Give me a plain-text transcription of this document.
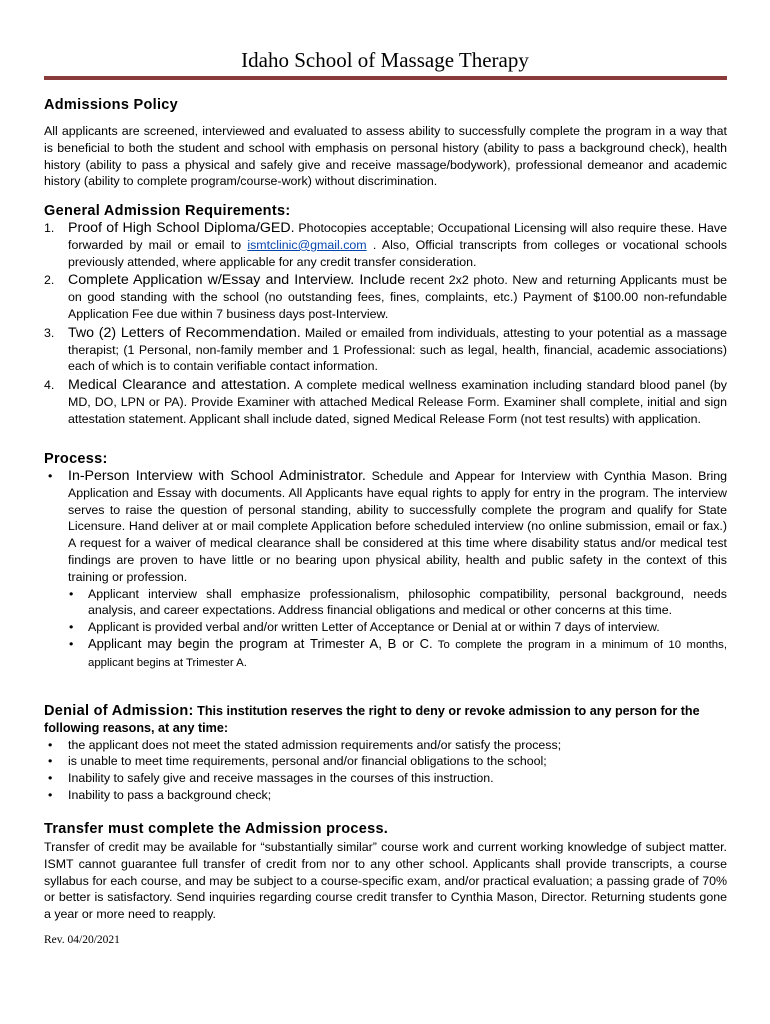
Idaho School of Massage Therapy
Admissions Policy
All applicants are screened, interviewed and evaluated to assess ability to successfully complete the program in a way that is beneficial to both the student and school with emphasis on personal history (ability to pass a background check), health history (ability to pass a physical and safely give and receive massage/bodywork), professional demeanor and academic history (ability to complete program/course-work) without discrimination.
General Admission Requirements:
1. Proof of High School Diploma/GED. Photocopies acceptable; Occupational Licensing will also require these. Have forwarded by mail or email to ismtclinic@gmail.com . Also, Official transcripts from colleges or vocational schools previously attended, where applicable for any credit transfer consideration.
2. Complete Application w/Essay and Interview. Include recent 2x2 photo. New and returning Applicants must be on good standing with the school (no outstanding fees, fines, complaints, etc.) Payment of $100.00 non-refundable Application Fee due within 7 business days post-Interview.
3. Two (2) Letters of Recommendation. Mailed or emailed from individuals, attesting to your potential as a massage therapist; (1 Personal, non-family member and 1 Professional: such as legal, health, financial, academic associations) each of which is to contain verifiable contact information.
4. Medical Clearance and attestation. A complete medical wellness examination including standard blood panel (by MD, DO, LPN or PA). Provide Examiner with attached Medical Release Form. Examiner shall complete, initial and sign attestation statement. Applicant shall include dated, signed Medical Release Form (not test results) with application.
Process:
• In-Person Interview with School Administrator. Schedule and Appear for Interview with Cynthia Mason. Bring Application and Essay with documents. All Applicants have equal rights to apply for entry in the program. The interview serves to raise the question of personal standing, ability to successfully complete the program and qualify for State Licensure. Hand deliver at or mail complete Application before scheduled interview (no online submission, email or fax.) A request for a waiver of medical clearance shall be considered at this time where disability status and/or medical test findings are proven to have little or no bearing upon physical ability, health and public safety in the context of this training or profession.
• Applicant interview shall emphasize professionalism, philosophic compatibility, personal background, needs analysis, and career expectations. Address financial obligations and medical or other concerns at this time.
• Applicant is provided verbal and/or written Letter of Acceptance or Denial at or within 7 days of interview.
• Applicant may begin the program at Trimester A, B or C. To complete the program in a minimum of 10 months, applicant begins at Trimester A.
Denial of Admission: This institution reserves the right to deny or revoke admission to any person for the following reasons, at any time:
• the applicant does not meet the stated admission requirements and/or satisfy the process;
• is unable to meet time requirements, personal and/or financial obligations to the school;
• Inability to safely give and receive massages in the courses of this instruction.
• Inability to pass a background check;
Transfer must complete the Admission process.
Transfer of credit may be available for “substantially similar” course work and current working knowledge of subject matter. ISMT cannot guarantee full transfer of credit from nor to any other school. Applicants shall provide transcripts, a course syllabus for each course, and may be subject to a course-specific exam, and/or practical evaluation; a passing grade of 70% or better is satisfactory. Send inquiries regarding course credit transfer to Cynthia Mason, Director. Returning students gone a year or more need to reapply.
Rev. 04/20/2021
